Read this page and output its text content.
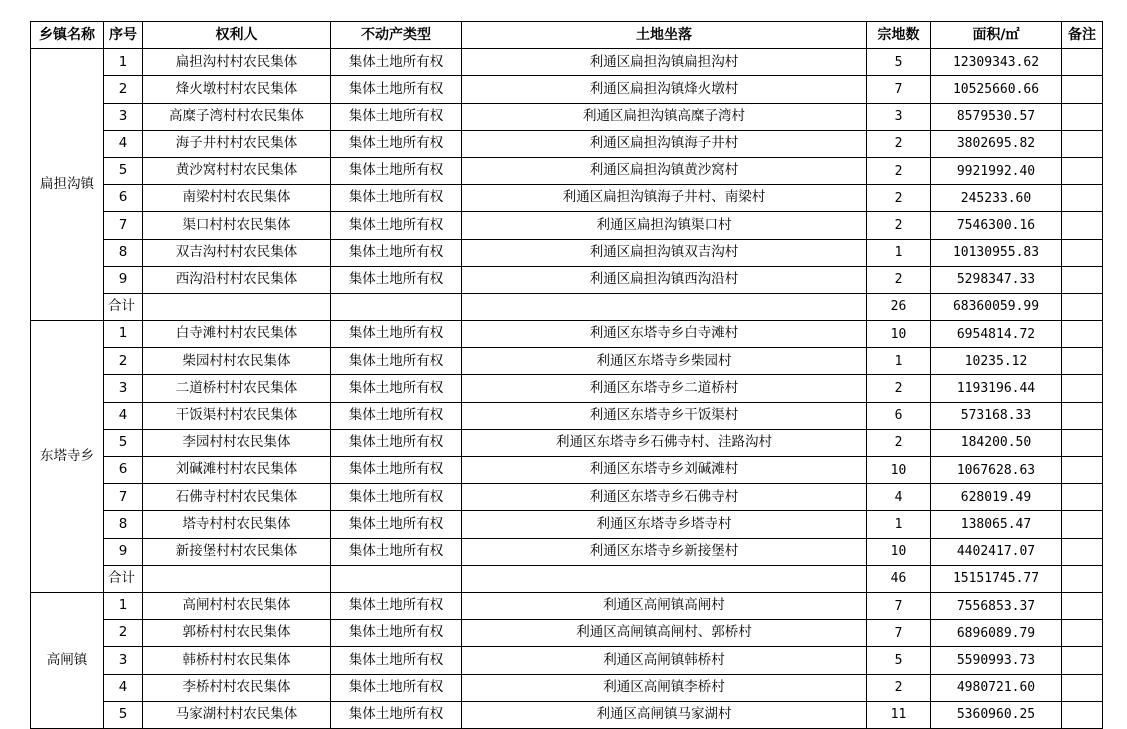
乡镇名称	序号	权利人	不动产类型	土地坐落	宗地数	面积/㎡	备注
扁担沟镇	1	扁担沟村村农民集体	集体土地所有权	利通区扁担沟镇扁担沟村	5	12309343.62	
	2	烽火墩村村农民集体	集体土地所有权	利通区扁担沟镇烽火墩村	7	10525660.66	
	3	高糜子湾村村农民集体	集体土地所有权	利通区扁担沟镇高糜子湾村	3	8579530.57	
	4	海子井村村农民集体	集体土地所有权	利通区扁担沟镇海子井村	2	3802695.82	
	5	黄沙窝村村农民集体	集体土地所有权	利通区扁担沟镇黄沙窝村	2	9921992.40	
	6	南梁村村农民集体	集体土地所有权	利通区扁担沟镇海子井村、南梁村	2	245233.60	
	7	渠口村村农民集体	集体土地所有权	利通区扁担沟镇渠口村	2	7546300.16	
	8	双吉沟村村农民集体	集体土地所有权	利通区扁担沟镇双吉沟村	1	10130955.83	
	9	西沟沿村村农民集体	集体土地所有权	利通区扁担沟镇西沟沿村	2	5298347.33	
	合计				26	68360059.99	
东塔寺乡	1	白寺滩村村农民集体	集体土地所有权	利通区东塔寺乡白寺滩村	10	6954814.72	
	2	柴园村村农民集体	集体土地所有权	利通区东塔寺乡柴园村	1	10235.12	
	3	二道桥村村农民集体	集体土地所有权	利通区东塔寺乡二道桥村	2	1193196.44	
	4	干饭渠村村农民集体	集体土地所有权	利通区东塔寺乡干饭渠村	6	573168.33	
	5	李园村村农民集体	集体土地所有权	利通区东塔寺乡石佛寺村、洼路沟村	2	184200.50	
	6	刘碱滩村村农民集体	集体土地所有权	利通区东塔寺乡刘碱滩村	10	1067628.63	
	7	石佛寺村村农民集体	集体土地所有权	利通区东塔寺乡石佛寺村	4	628019.49	
	8	塔寺村村农民集体	集体土地所有权	利通区东塔寺乡塔寺村	1	138065.47	
	9	新接堡村村农民集体	集体土地所有权	利通区东塔寺乡新接堡村	10	4402417.07	
	合计				46	15151745.77	
高闸镇	1	高闸村村农民集体	集体土地所有权	利通区高闸镇高闸村	7	7556853.37	
	2	郭桥村村农民集体	集体土地所有权	利通区高闸镇高闸村、郭桥村	7	6896089.79	
	3	韩桥村村农民集体	集体土地所有权	利通区高闸镇韩桥村	5	5590993.73	
	4	李桥村村农民集体	集体土地所有权	利通区高闸镇李桥村	2	4980721.60	
	5	马家湖村村农民集体	集体土地所有权	利通区高闸镇马家湖村	11	5360960.25	
